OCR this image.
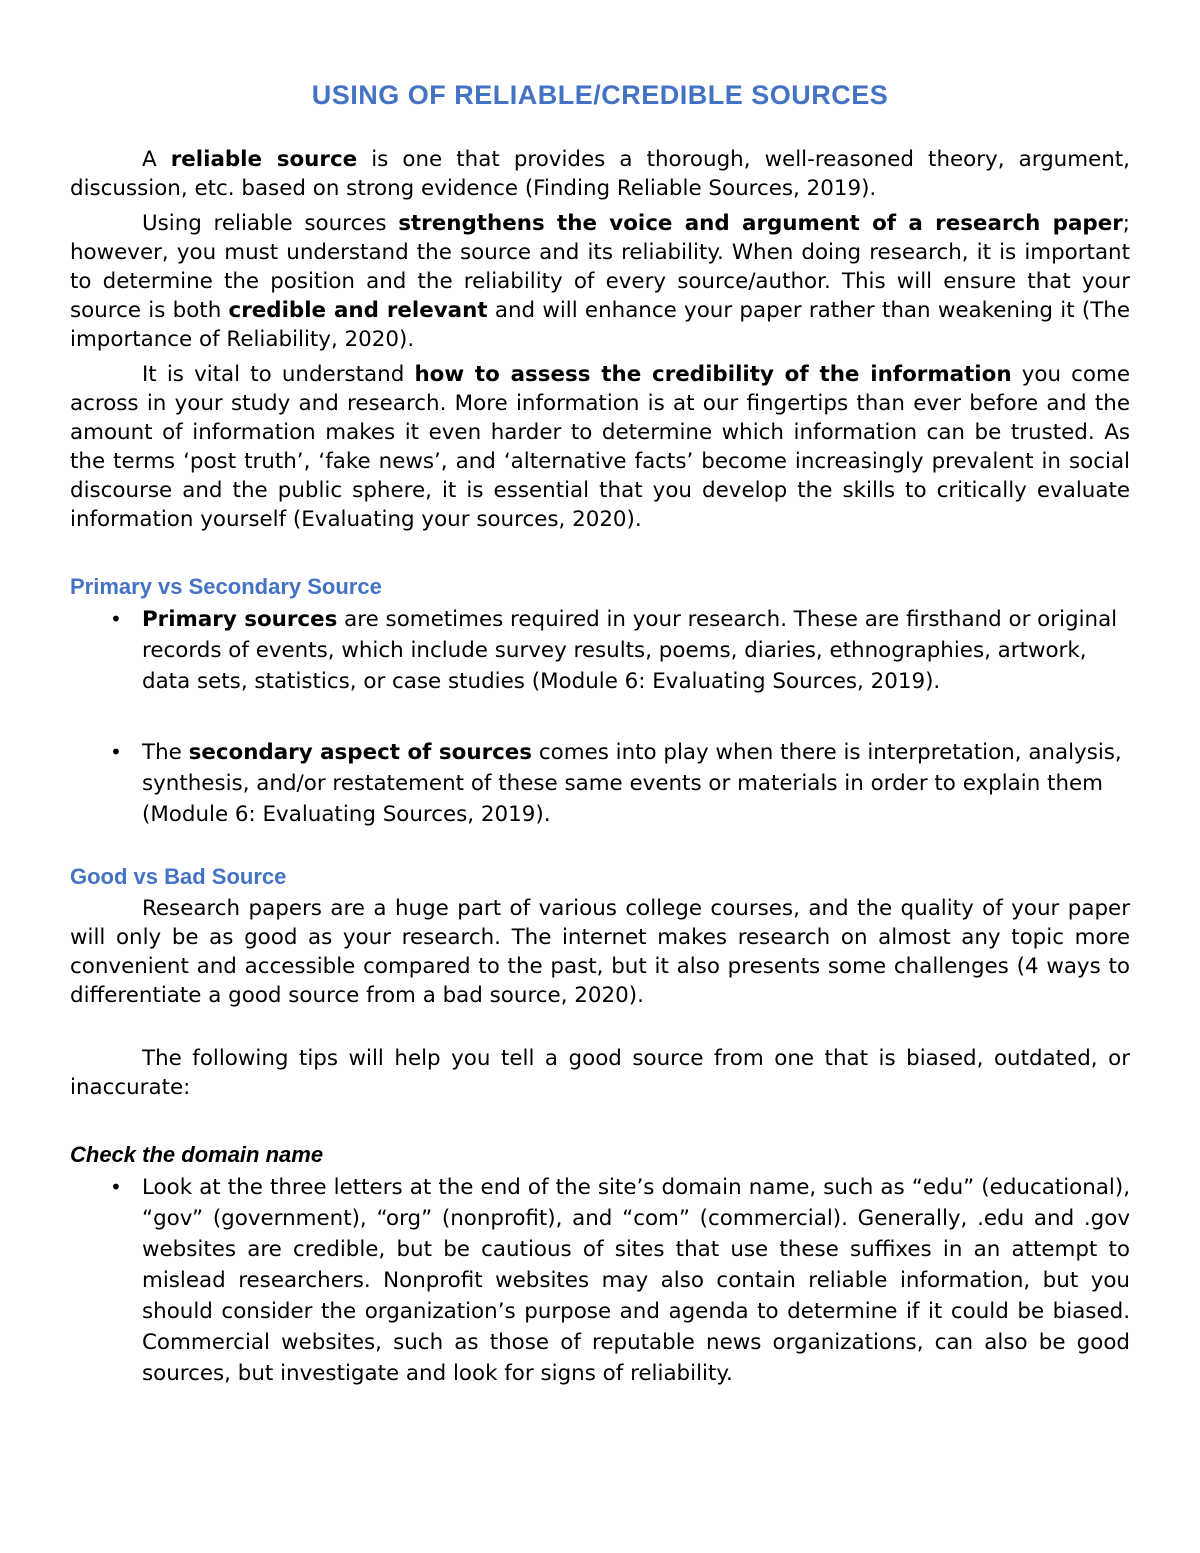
USING OF RELIABLE/CREDIBLE SOURCES

A reliable source is one that provides a thorough, well-reasoned theory, argument, discussion, etc. based on strong evidence (Finding Reliable Sources, 2019).

Using reliable sources strengthens the voice and argument of a research paper; however, you must understand the source and its reliability. When doing research, it is important to determine the position and the reliability of every source/author. This will ensure that your source is both credible and relevant and will enhance your paper rather than weakening it (The importance of Reliability, 2020).

It is vital to understand how to assess the credibility of the information you come across in your study and research. More information is at our fingertips than ever before and the amount of information makes it even harder to determine which information can be trusted. As the terms ‘post truth’, ‘fake news’, and ‘alternative facts’ become increasingly prevalent in social discourse and the public sphere, it is essential that you develop the skills to critically evaluate information yourself (Evaluating your sources, 2020).

Primary vs Secondary Source
• Primary sources are sometimes required in your research. These are firsthand or original records of events, which include survey results, poems, diaries, ethnographies, artwork, data sets, statistics, or case studies (Module 6: Evaluating Sources, 2019).
• The secondary aspect of sources comes into play when there is interpretation, analysis, synthesis, and/or restatement of these same events or materials in order to explain them (Module 6: Evaluating Sources, 2019).
Good vs Bad Source

Research papers are a huge part of various college courses, and the quality of your paper will only be as good as your research. The internet makes research on almost any topic more convenient and accessible compared to the past, but it also presents some challenges (4 ways to differentiate a good source from a bad source, 2020).

The following tips will help you tell a good source from one that is biased, outdated, or inaccurate:

Check the domain name
• Look at the three letters at the end of the site’s domain name, such as “edu” (educational), “gov” (government), “org” (nonprofit), and “com” (commercial). Generally, .edu and .gov websites are credible, but be cautious of sites that use these suffixes in an attempt to mislead researchers. Nonprofit websites may also contain reliable information, but you should consider the organization’s purpose and agenda to determine if it could be biased. Commercial websites, such as those of reputable news organizations, can also be good sources, but investigate and look for signs of reliability.
